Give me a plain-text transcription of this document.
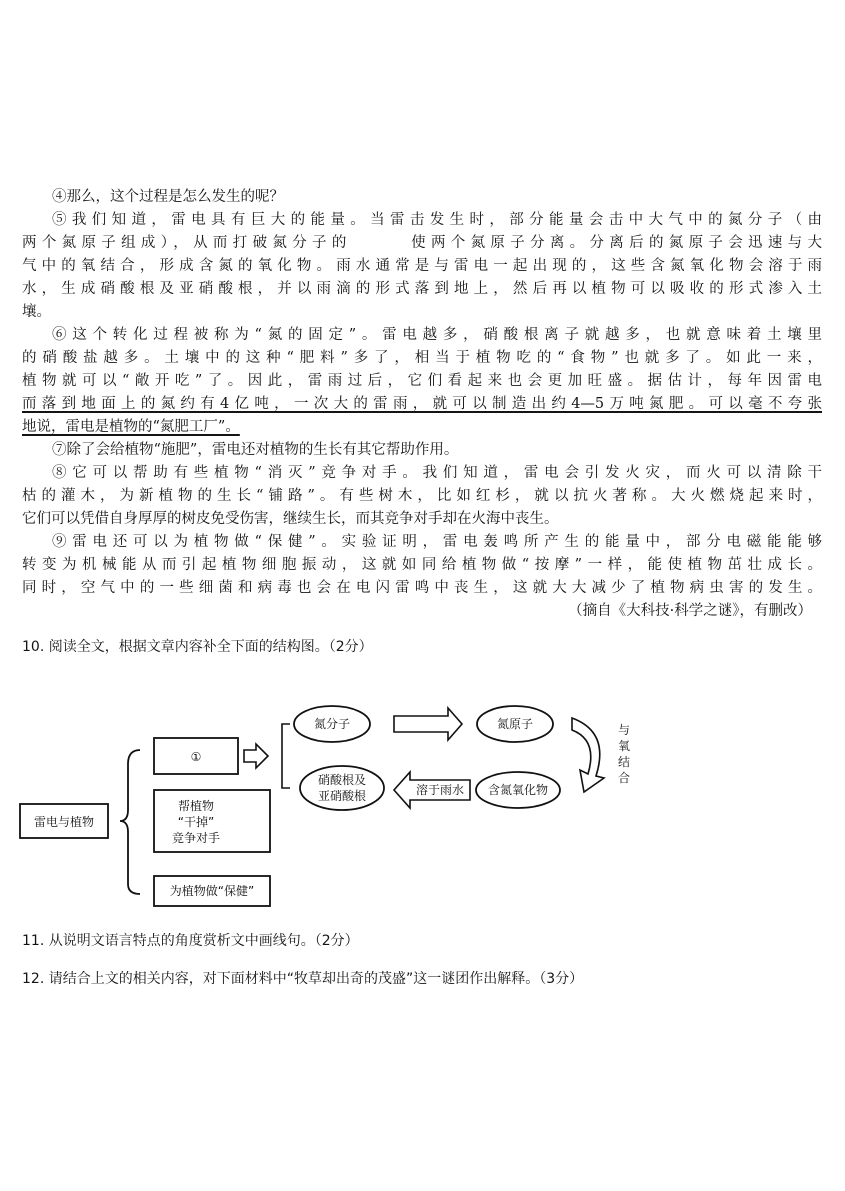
④那么，这个过程是怎么发生的呢？
⑤我们知道，雷电具有巨大的能量。当雷击发生时，部分能量会击中大气中的氮分子（由
两个氮原子组成），从而打破氮分子的　　　使两个氮原子分离。分离后的氮原子会迅速与大
气中的氧结合，形成含氮的氧化物。雨水通常是与雷电一起出现的，这些含氮氧化物会溶于雨
水，生成硝酸根及亚硝酸根，并以雨滴的形式落到地上，然后再以植物可以吸收的形式渗入土
壤。
⑥这个转化过程被称为“氮的固定”。雷电越多，硝酸根离子就越多，也就意味着土壤里
的硝酸盐越多。土壤中的这种“肥料”多了，相当于植物吃的“食物”也就多了。如此一来，
植物就可以“敞开吃”了。因此，雷雨过后，它们看起来也会更加旺盛。据估计，每年因雷电
而落到地面上的氮约有4亿吨，一次大的雷雨，就可以制造出约4—5万吨氮肥。可以毫不夸张
地说，雷电是植物的“氮肥工厂”。
⑦除了会给植物“施肥”，雷电还对植物的生长有其它帮助作用。
⑧它可以帮助有些植物“消灭”竞争对手。我们知道，雷电会引发火灾，而火可以清除干
枯的灌木，为新植物的生长“铺路”。有些树木，比如红杉，就以抗火著称。大火燃烧起来时，
它们可以凭借自身厚厚的树皮免受伤害，继续生长，而其竞争对手却在火海中丧生。
⑨雷电还可以为植物做“保健”。实验证明，雷电轰鸣所产生的能量中，部分电磁能能够
转变为机械能从而引起植物细胞振动，这就如同给植物做“按摩”一样，能使植物茁壮成长。
同时，空气中的一些细菌和病毒也会在电闪雷鸣中丧生，这就大大减少了植物病虫害的发生。
（摘自《大科技·科学之谜》，有删改）
10. 阅读全文，根据文章内容补全下面的结构图。（2分）
雷电与植物
①
氮分子	氮原子	与
氧
结
合
含氮氧化物
溶于雨水
硝酸根及
亚硝酸根
帮植物
“干掉”
竞争对手
为植物做“保健”
11. 从说明文语言特点的角度赏析文中画线句。（2分）
12. 请结合上文的相关内容，对下面材料中“牧草却出奇的茂盛”这一谜团作出解释。（3分）
